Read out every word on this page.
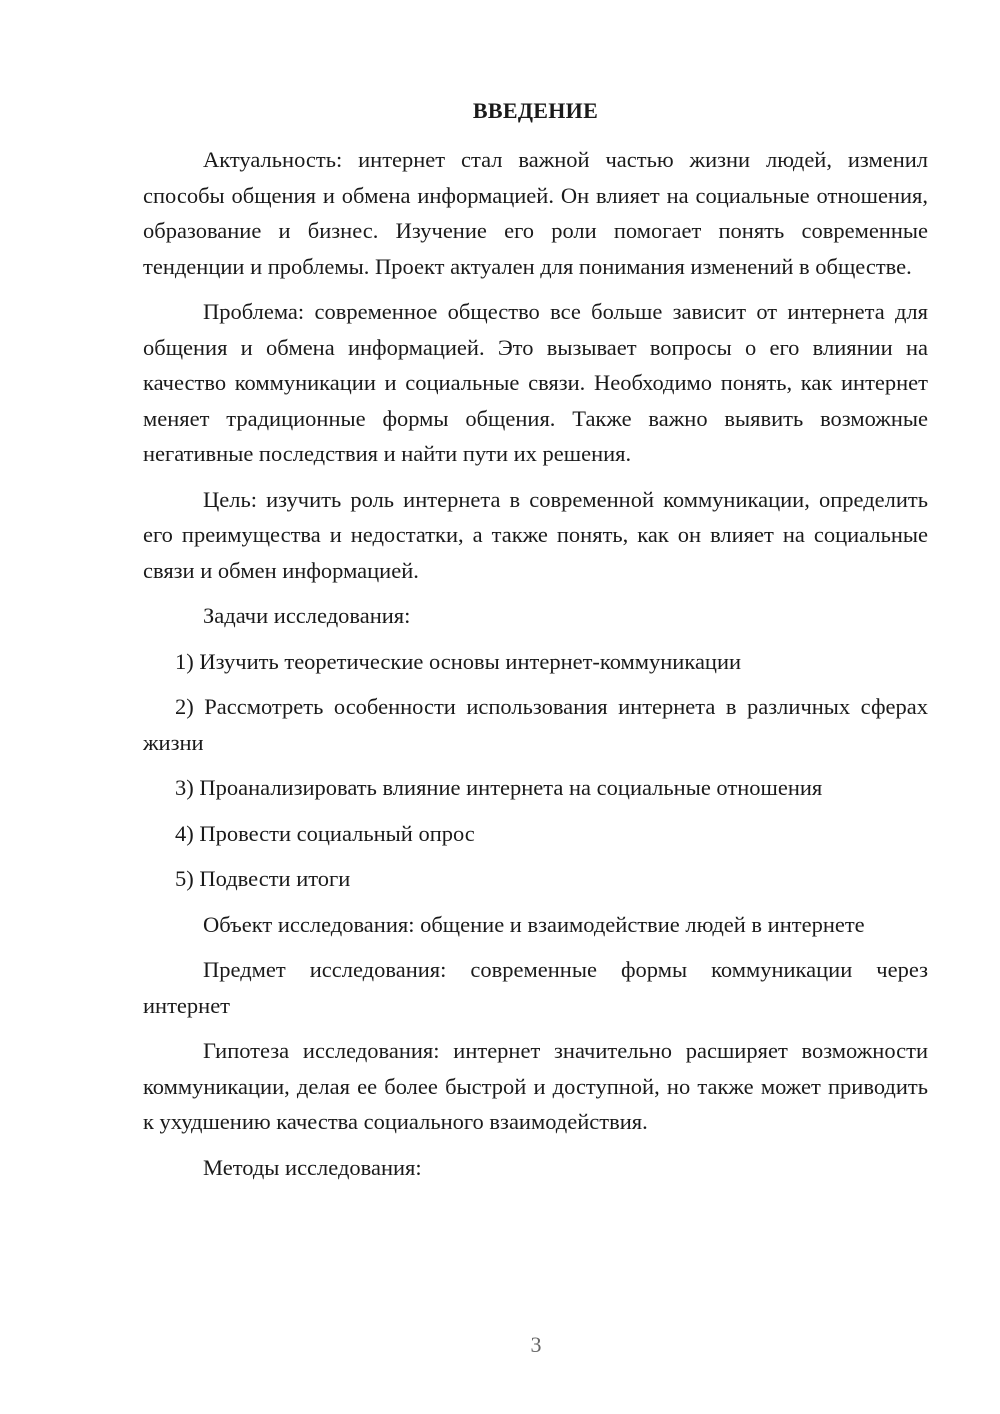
ВВЕДЕНИЕ

Актуальность: интернет стал важной частью жизни людей, изменил способы общения и обмена информацией. Он влияет на социальные отношения, образование и бизнес. Изучение его роли помогает понять современные тенденции и проблемы. Проект актуален для понимания изменений в обществе.

Проблема: современное общество все больше зависит от интернета для общения и обмена информацией. Это вызывает вопросы о его влиянии на качество коммуникации и социальные связи. Необходимо понять, как интернет меняет традиционные формы общения. Также важно выявить возможные негативные последствия и найти пути их решения.

Цель: изучить роль интернета в современной коммуникации, определить его преимущества и недостатки, а также понять, как он влияет на социальные связи и обмен информацией.

Задачи исследования:

1) Изучить теоретические основы интернет-коммуникации

2) Рассмотреть особенности использования интернета в различных сферах жизни

3) Проанализировать влияние интернета на социальные отношения

4) Провести социальный опрос

5) Подвести итоги

Объект исследования: общение и взаимодействие людей в интернете

Предмет исследования: современные формы коммуникации через интернет

Гипотеза исследования: интернет значительно расширяет возможности коммуникации, делая ее более быстрой и доступной, но также может приводить к ухудшению качества социального взаимодействия.

Методы исследования:

3
